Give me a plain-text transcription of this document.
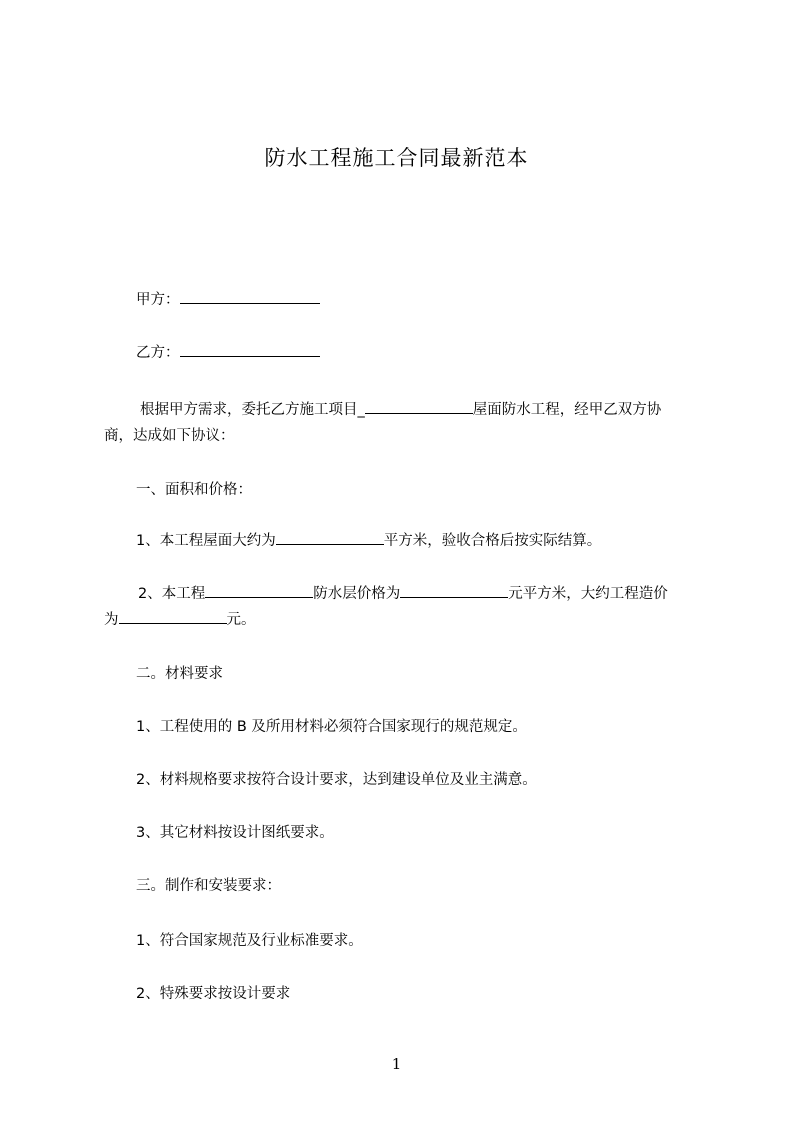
防水工程施工合同最新范本
甲方：
乙方：
根据甲方需求，委托乙方施工项目_	屋面防水工程，经甲乙双方协
商，达成如下协议：
一、面积和价格：
1、本工程屋面大约为	平方米，验收合格后按实际结算。
2、本工程	防水层价格为	元平方米，大约工程造价
为	元。
二。材料要求
1、工程使用的 B 及所用材料必须符合国家现行的规范规定。
2、材料规格要求按符合设计要求，达到建设单位及业主满意。
3、其它材料按设计图纸要求。
三。制作和安装要求：
1、符合国家规范及行业标准要求。
2、特殊要求按设计要求
1
